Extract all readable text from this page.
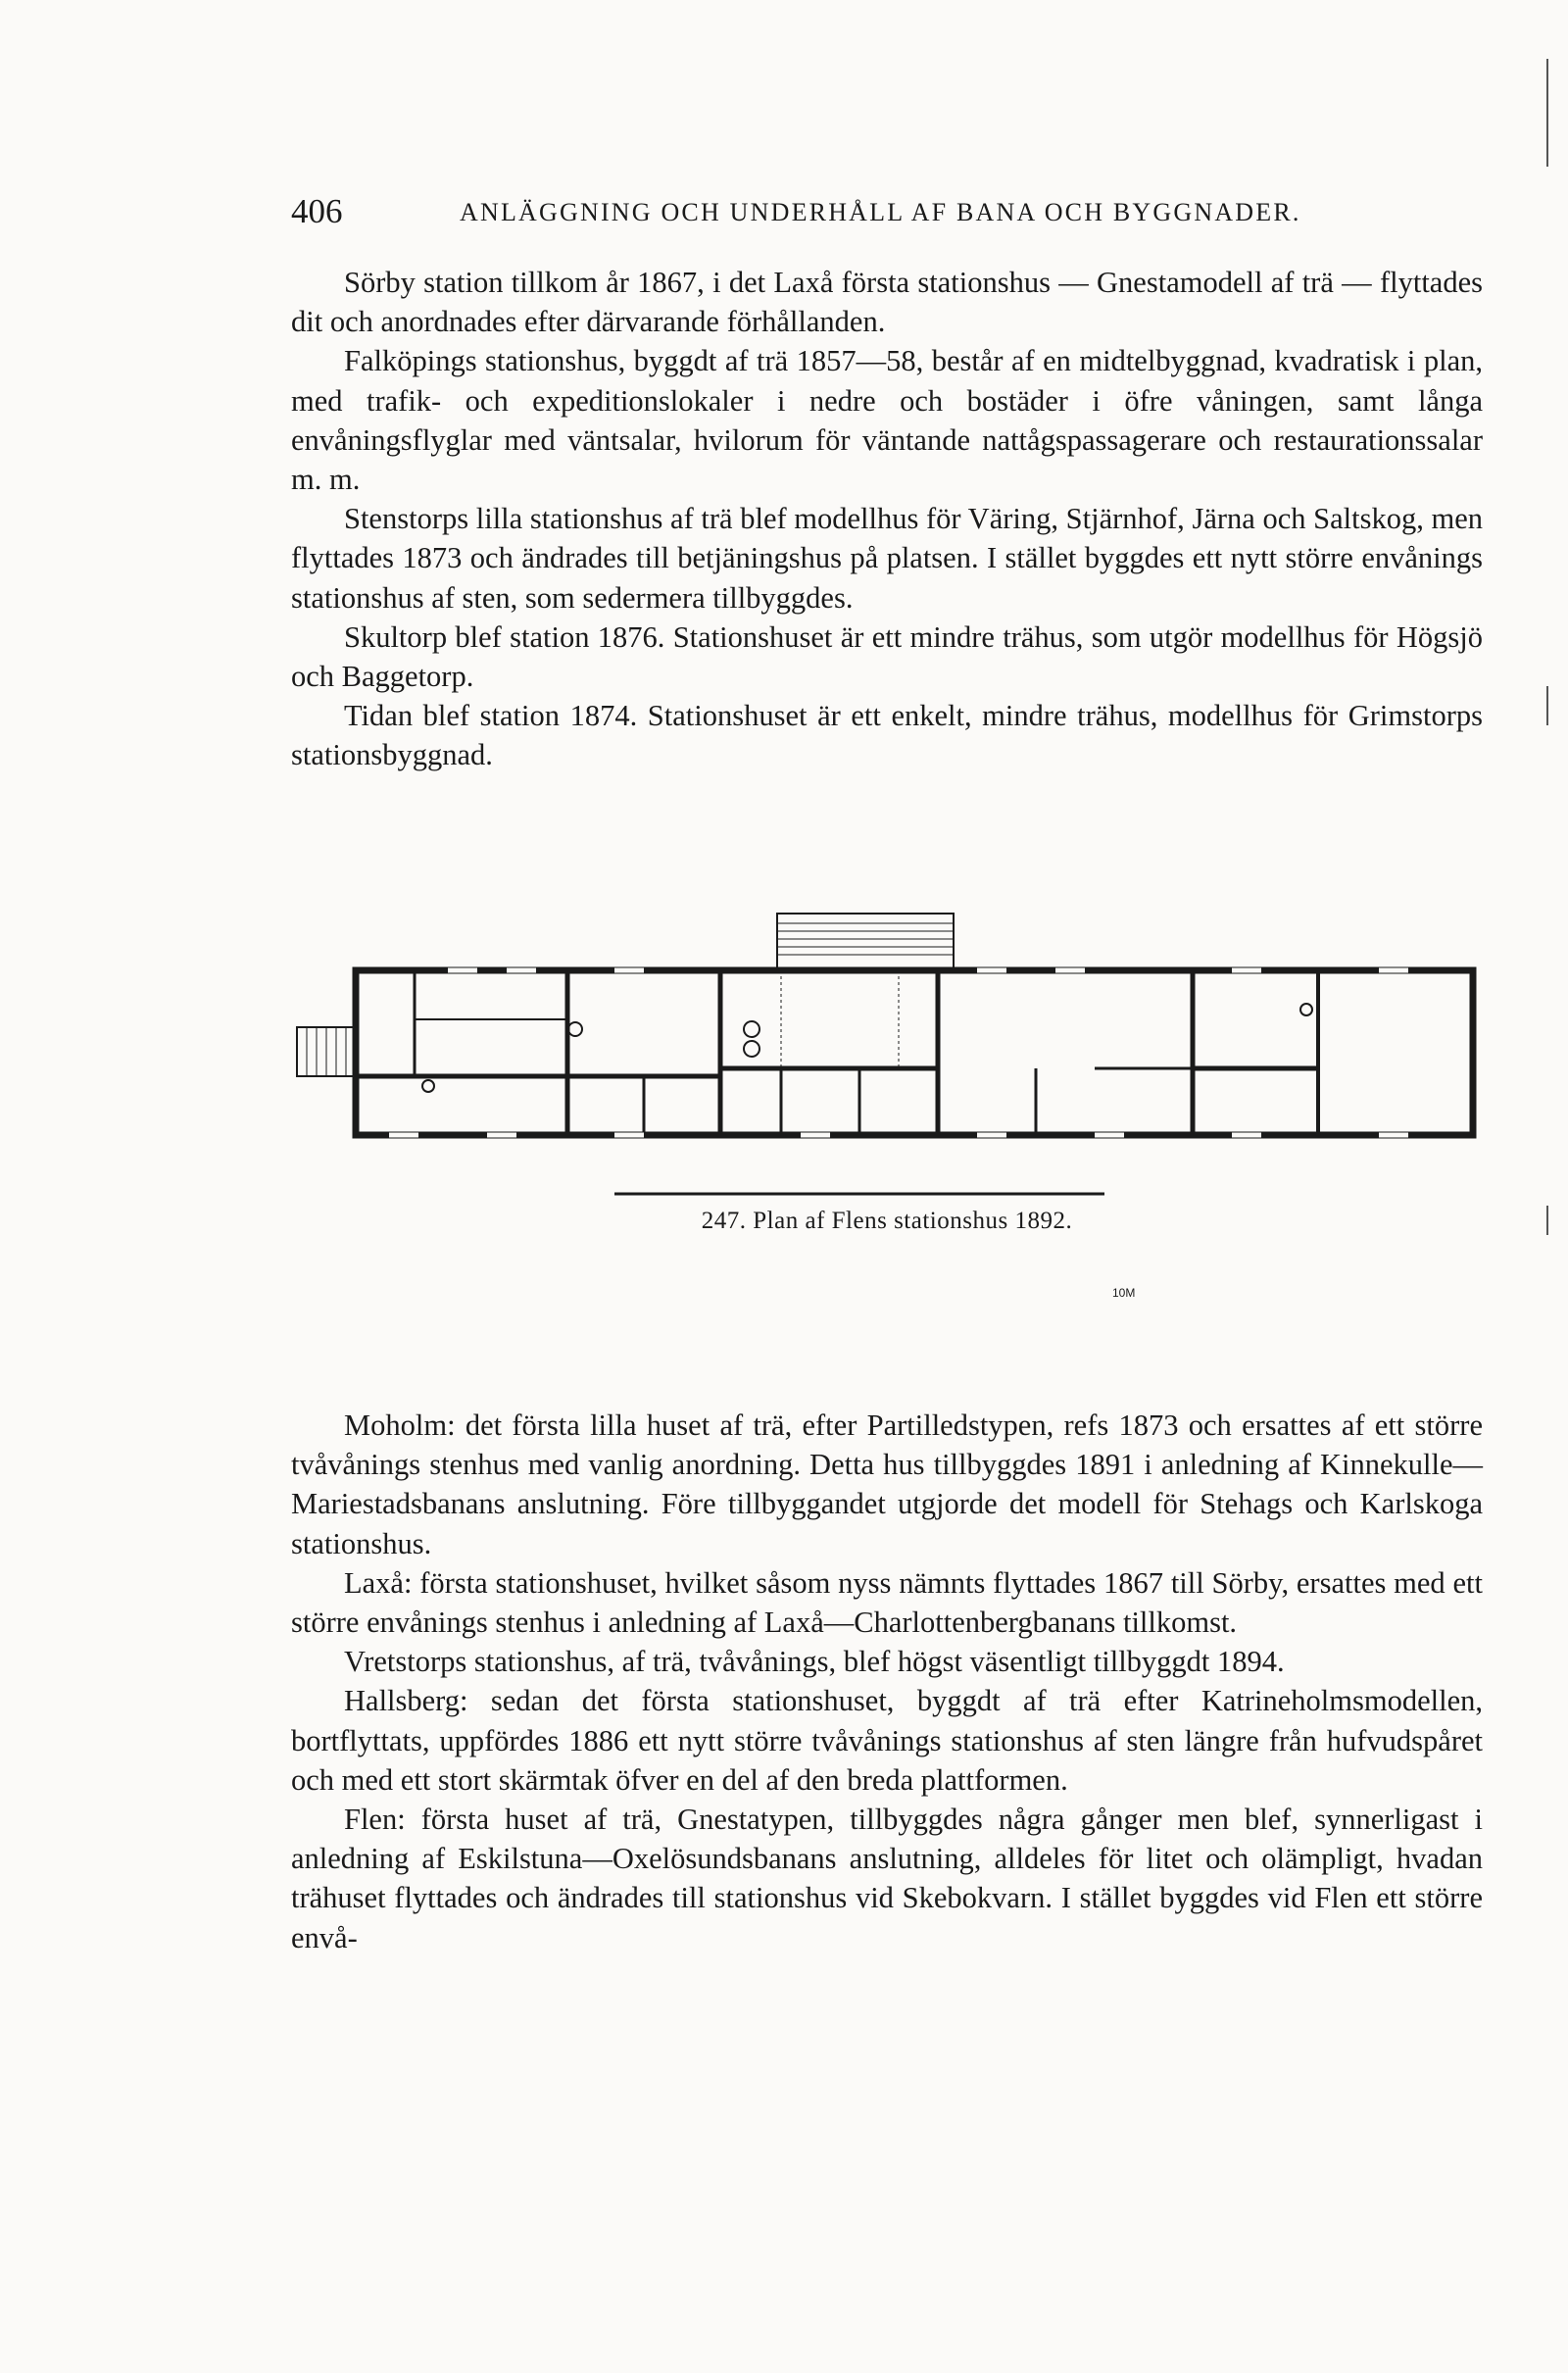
406	ANLÄGGNING OCH UNDERHÅLL AF BANA OCH BYGGNADER.

Sörby station tillkom år 1867, i det Laxå första stationshus — Gnestamodell af trä — flyttades dit och anordnades efter därvarande förhållanden.

Falköpings stationshus, byggdt af trä 1857—58, består af en midtelbyggnad, kvadratisk i plan, med trafik- och expeditionslokaler i nedre och bostäder i öfre våningen, samt långa envåningsflyglar med väntsalar, hvilorum för väntande nattågspassagerare och restaurationssalar m. m.

Stenstorps lilla stationshus af trä blef modellhus för Väring, Stjärnhof, Järna och Saltskog, men flyttades 1873 och ändrades till betjäningshus på platsen. I stället byggdes ett nytt större envånings stationshus af sten, som sedermera tillbyggdes.

Skultorp blef station 1876. Stationshuset är ett mindre trähus, som utgör modellhus för Högsjö och Baggetorp.

Tidan blef station 1874. Stationshuset är ett enkelt, mindre trähus, modellhus för Grimstorps stationsbyggnad.

247. Plan af Flens stationshus 1892.
10M

Moholm: det första lilla huset af trä, efter Partilledstypen, refs 1873 och ersattes af ett större tvåvånings stenhus med vanlig anordning. Detta hus tillbyggdes 1891 i anledning af Kinnekulle—Mariestadsbanans anslutning. Före tillbyggandet utgjorde det modell för Stehags och Karlskoga stationshus.

Laxå: första stationshuset, hvilket såsom nyss nämnts flyttades 1867 till Sörby, ersattes med ett större envånings stenhus i anledning af Laxå—Charlottenbergbanans tillkomst.

Vretstorps stationshus, af trä, tvåvånings, blef högst väsentligt tillbyggdt 1894.

Hallsberg: sedan det första stationshuset, byggdt af trä efter Katrineholmsmodellen, bortflyttats, uppfördes 1886 ett nytt större tvåvånings stationshus af sten längre från hufvudspåret och med ett stort skärmtak öfver en del af den breda plattformen.

Flen: första huset af trä, Gnestatypen, tillbyggdes några gånger men blef, synnerligast i anledning af Eskilstuna—Oxelösundsbanans anslutning, alldeles för litet och olämpligt, hvadan trähuset flyttades och ändrades till stationshus vid Skebokvarn. I stället byggdes vid Flen ett större envå-
